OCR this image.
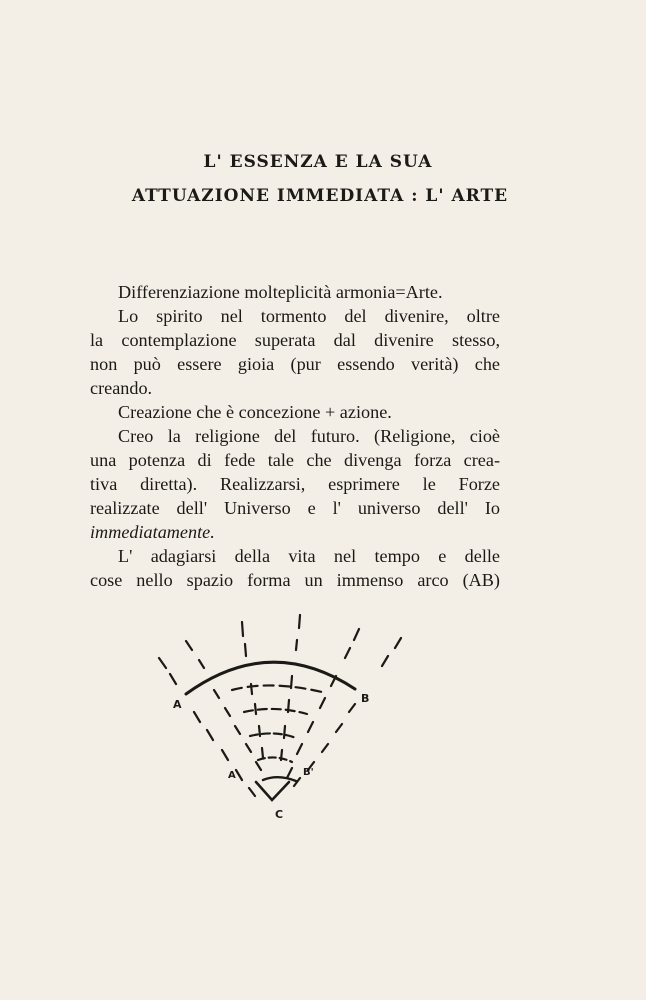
L' ESSENZA E LA SUA
ATTUAZIONE IMMEDIATA : L' ARTE
Differenziazione molteplicità armonia=Arte.
Lo spirito nel tormento del divenire, oltre
la contemplazione superata dal divenire stesso,
non può essere gioia (pur essendo verità) che
creando.
Creazione che è concezione + azione.
Creo la religione del futuro. (Religione, cioè
una potenza di fede tale che divenga forza crea-
tiva diretta). Realizzarsi, esprimere le Forze
realizzate dell' Universo e l' universo dell' Io
immediatamente.
L' adagiarsi della vita nel tempo e delle
cose nello spazio forma un immenso arco (AB)
A	B
A'	B'
C
